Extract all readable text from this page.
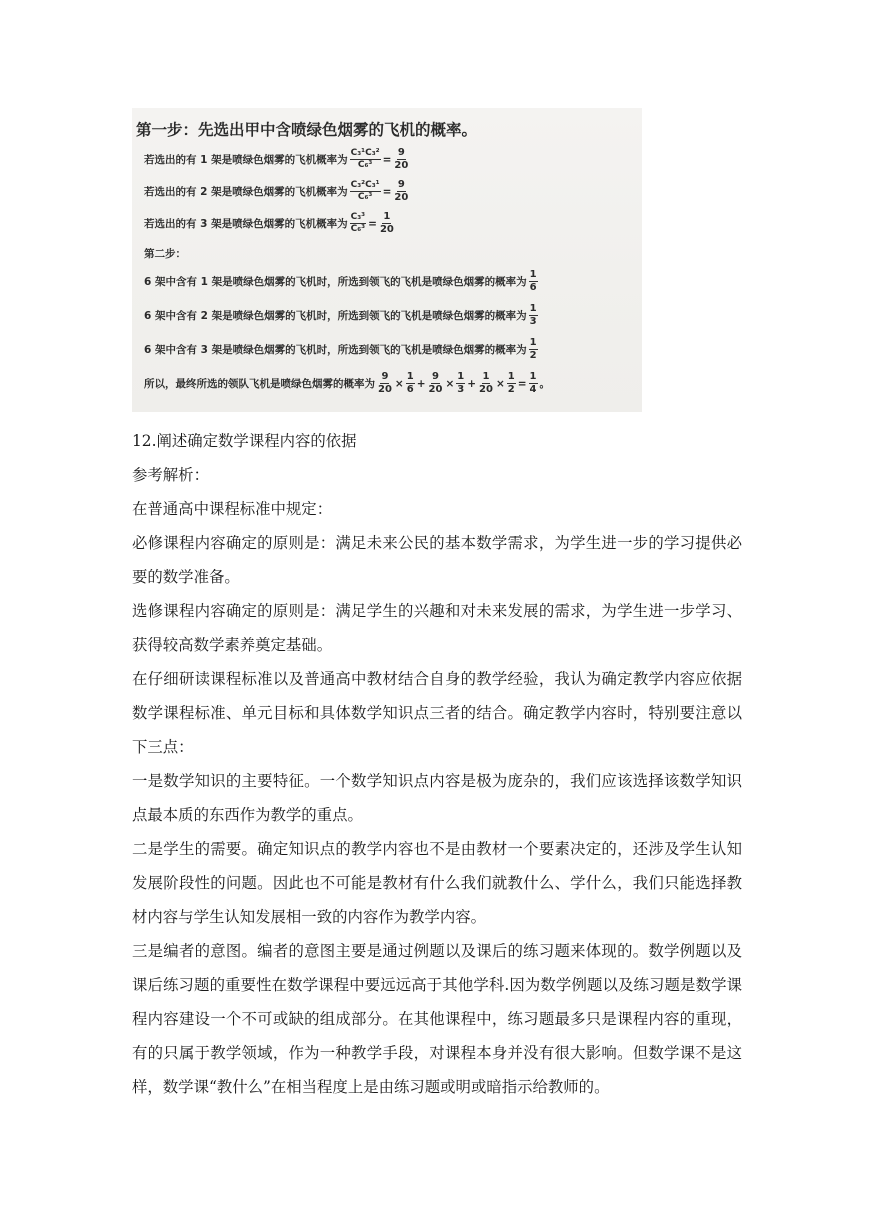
第一步：先选出甲中含喷绿色烟雾的飞机的概率。
若选出的有 1 架是喷绿色烟雾的飞机概率为 $\frac{\text{C₃¹C₃²}}{\text{C₆³}} = \frac{9}{20}$
若选出的有 2 架是喷绿色烟雾的飞机概率为 $\frac{\text{C₃²C₃¹}}{\text{C₆³}} = \frac{9}{20}$
若选出的有 3 架是喷绿色烟雾的飞机概率为 $\frac{\text{C₃³}}{\text{C₆³}} = \frac{1}{20}$
第二步：
6 架中含有 1 架是喷绿色烟雾的飞机时，所选到领飞的飞机是喷绿色烟雾的概率为 $\frac{1}{6}$
6 架中含有 2 架是喷绿色烟雾的飞机时，所选到领飞的飞机是喷绿色烟雾的概率为 $\frac{1}{3}$
6 架中含有 3 架是喷绿色烟雾的飞机时，所选到领飞的飞机是喷绿色烟雾的概率为 $\frac{1}{2}$
所以，最终所选的领队飞机是喷绿色烟雾的概率为 $\frac{9}{20} \times \frac{1}{6} + \frac{9}{20} \times \frac{1}{3} + \frac{1}{20} \times \frac{1}{2} = \frac{1}{4}$ 。

12.阐述确定数学课程内容的依据

参考解析：

在普通高中课程标准中规定：

必修课程内容确定的原则是：满足未来公民的基本数学需求，为学生进一步的学习提供必要的数学准备。

选修课程内容确定的原则是：满足学生的兴趣和对未来发展的需求，为学生进一步学习、获得较高数学素养奠定基础。

在仔细研读课程标准以及普通高中教材结合自身的教学经验，我认为确定教学内容应依据数学课程标准、单元目标和具体数学知识点三者的结合。确定教学内容时，特别要注意以下三点：

一是数学知识的主要特征。一个数学知识点内容是极为庞杂的，我们应该选择该数学知识点最本质的东西作为教学的重点。

二是学生的需要。确定知识点的教学内容也不是由教材一个要素决定的，还涉及学生认知发展阶段性的问题。因此也不可能是教材有什么我们就教什么、学什么，我们只能选择教材内容与学生认知发展相一致的内容作为教学内容。

三是编者的意图。编者的意图主要是通过例题以及课后的练习题来体现的。数学例题以及课后练习题的重要性在数学课程中要远远高于其他学科.因为数学例题以及练习题是数学课程内容建设一个不可或缺的组成部分。在其他课程中，练习题最多只是课程内容的重现，有的只属于教学领域，作为一种教学手段，对课程本身并没有很大影响。但数学课不是这样，数学课“教什么”在相当程度上是由练习题或明或暗指示给教师的。
